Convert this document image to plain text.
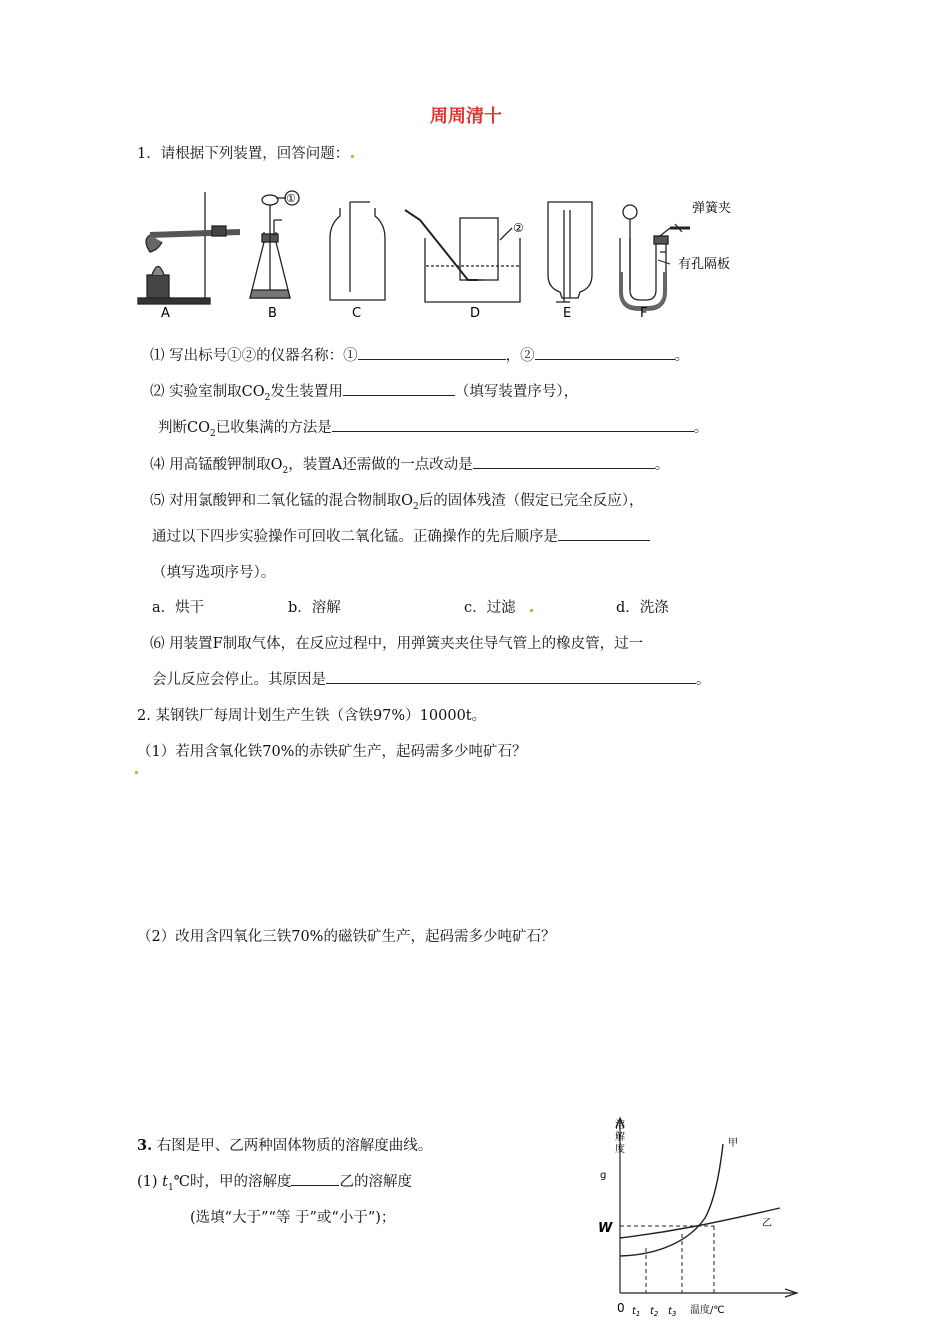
周周清十
1．请根据下列装置，回答问题：
A	B	C	D	E	F
①
②
弹簧夹
有孔隔板
⑴ 写出标号①②的仪器名称：①	，②	。
⑵ 实验室制取$CO_2$发生装置用	（填写装置序号），
判断$CO_2$已收集满的方法是	。
⑷ 用高锰酸钾制取$O_2$，装置A还需做的一点改动是	。
⑸ 对用氯酸钾和二氧化锰的混合物制取$O_2$后的固体残渣（假定已完全反应），
通过以下四步实验操作可回收二氧化锰。正确操作的先后顺序是
（填写选项序号）。
a．烘干	b．溶解	c．过滤	d．洗涤
⑹ 用装置F制取气体，在反应过程中，用弹簧夹夹住导气管上的橡皮管，过一
会儿反应会停止。其原因是	。
2. 某钢铁厂每周计划生产生铁（含铁97%）10000t。
（1）若用含氧化铁70%的赤铁矿生产，起码需多少吨矿石？
（2）改用含四氧化三铁70%的磁铁矿生产，起码需多少吨矿石？
3. 右图是甲、乙两种固体物质的溶解度曲线。
(1) $t_1℃$时，甲的溶解度	乙的溶解度
(选填“大于”“等 于”或“小于”)；
溶
解
度
g
W
甲
乙
0 $t_1$ $t_2$ $t_3$ 温度/℃
